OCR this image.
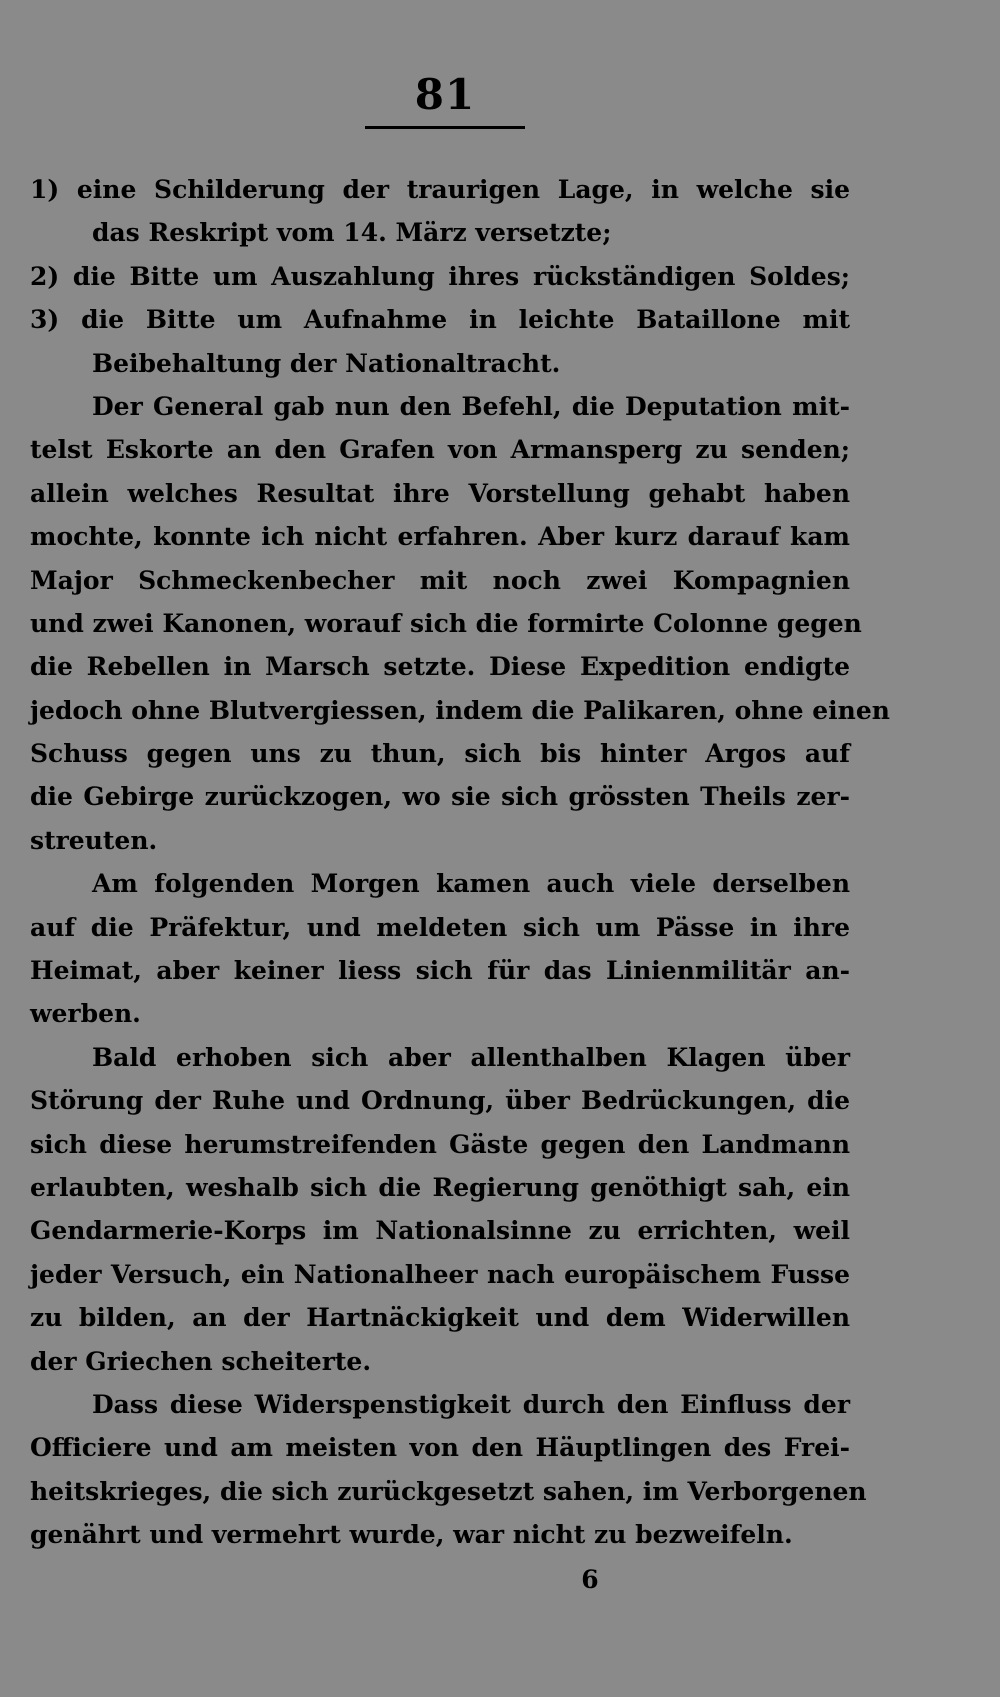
81
1) eine Schilderung der traurigen Lage, in welche sie
das Reskript vom 14. März versetzte;
2) die Bitte um Auszahlung ihres rückständigen Soldes;
3) die Bitte um Aufnahme in leichte Bataillone mit
Beibehaltung der Nationaltracht.
Der General gab nun den Befehl, die Deputation mit-
telst Eskorte an den Grafen von Armansperg zu senden;
allein welches Resultat ihre Vorstellung gehabt haben
mochte, konnte ich nicht erfahren. Aber kurz darauf kam
Major Schmeckenbecher mit noch zwei Kompagnien
und zwei Kanonen, worauf sich die formirte Colonne gegen
die Rebellen in Marsch setzte. Diese Expedition endigte
jedoch ohne Blutvergiessen, indem die Palikaren, ohne einen
Schuss gegen uns zu thun, sich bis hinter Argos auf
die Gebirge zurückzogen, wo sie sich grössten Theils zer-
streuten.
Am folgenden Morgen kamen auch viele derselben
auf die Präfektur, und meldeten sich um Pässe in ihre
Heimat, aber keiner liess sich für das Linienmilitär an-
werben.
Bald erhoben sich aber allenthalben Klagen über
Störung der Ruhe und Ordnung, über Bedrückungen, die
sich diese herumstreifenden Gäste gegen den Landmann
erlaubten, weshalb sich die Regierung genöthigt sah, ein
Gendarmerie-Korps im Nationalsinne zu errichten, weil
jeder Versuch, ein Nationalheer nach europäischem Fusse
zu bilden, an der Hartnäckigkeit und dem Widerwillen
der Griechen scheiterte.
Dass diese Widerspenstigkeit durch den Einfluss der
Officiere und am meisten von den Häuptlingen des Frei-
heitskrieges, die sich zurückgesetzt sahen, im Verborgenen
genährt und vermehrt wurde, war nicht zu bezweifeln.
6
